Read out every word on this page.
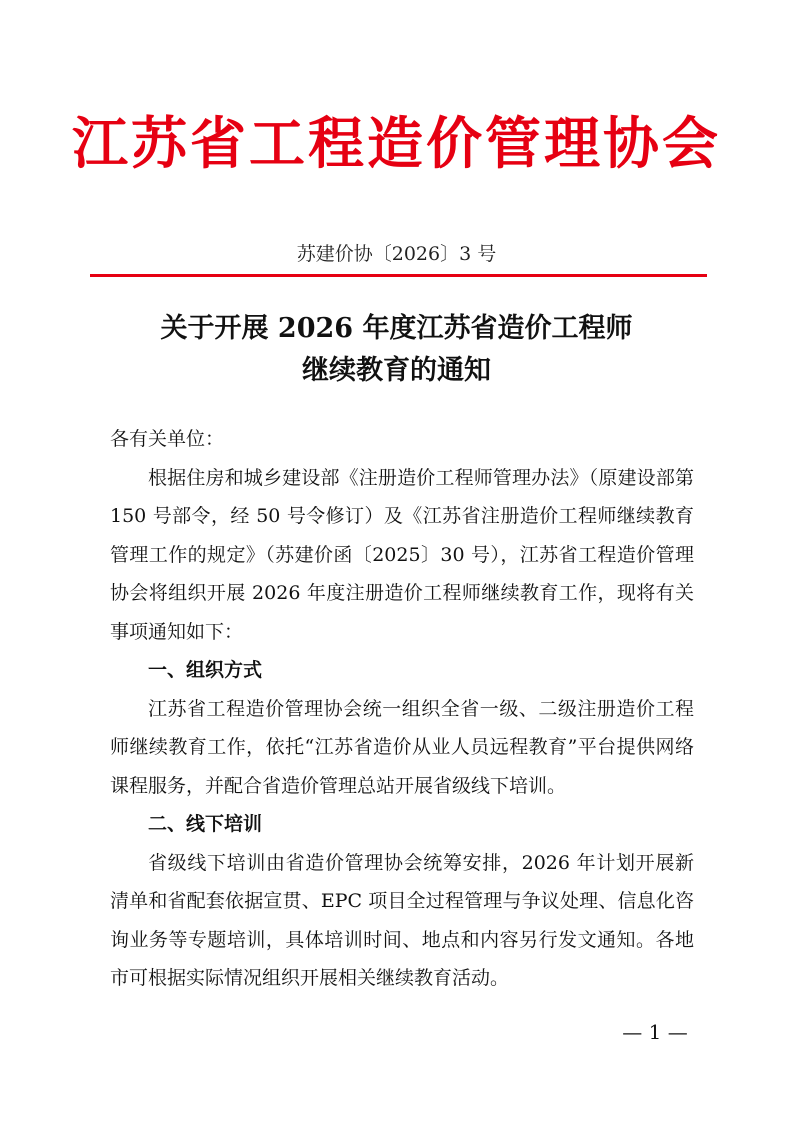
江苏省工程造价管理协会
苏建价协〔2026〕3 号
关于开展 2026 年度江苏省造价工程师
继续教育的通知

各有关单位：

根据住房和城乡建设部《注册造价工程师管理办法》（原建设部第 150 号部令，经 50 号令修订）及《江苏省注册造价工程师继续教育管理工作的规定》（苏建价函〔2025〕30 号），江苏省工程造价管理协会将组织开展 2026 年度注册造价工程师继续教育工作，现将有关事项通知如下：

一、组织方式

江苏省工程造价管理协会统一组织全省一级、二级注册造价工程师继续教育工作，依托“江苏省造价从业人员远程教育”平台提供网络课程服务，并配合省造价管理总站开展省级线下培训。

二、线下培训

省级线下培训由省造价管理协会统筹安排，2026 年计划开展新清单和省配套依据宣贯、EPC 项目全过程管理与争议处理、信息化咨询业务等专题培训，具体培训时间、地点和内容另行发文通知。各地市可根据实际情况组织开展相关继续教育活动。

— 1 —
